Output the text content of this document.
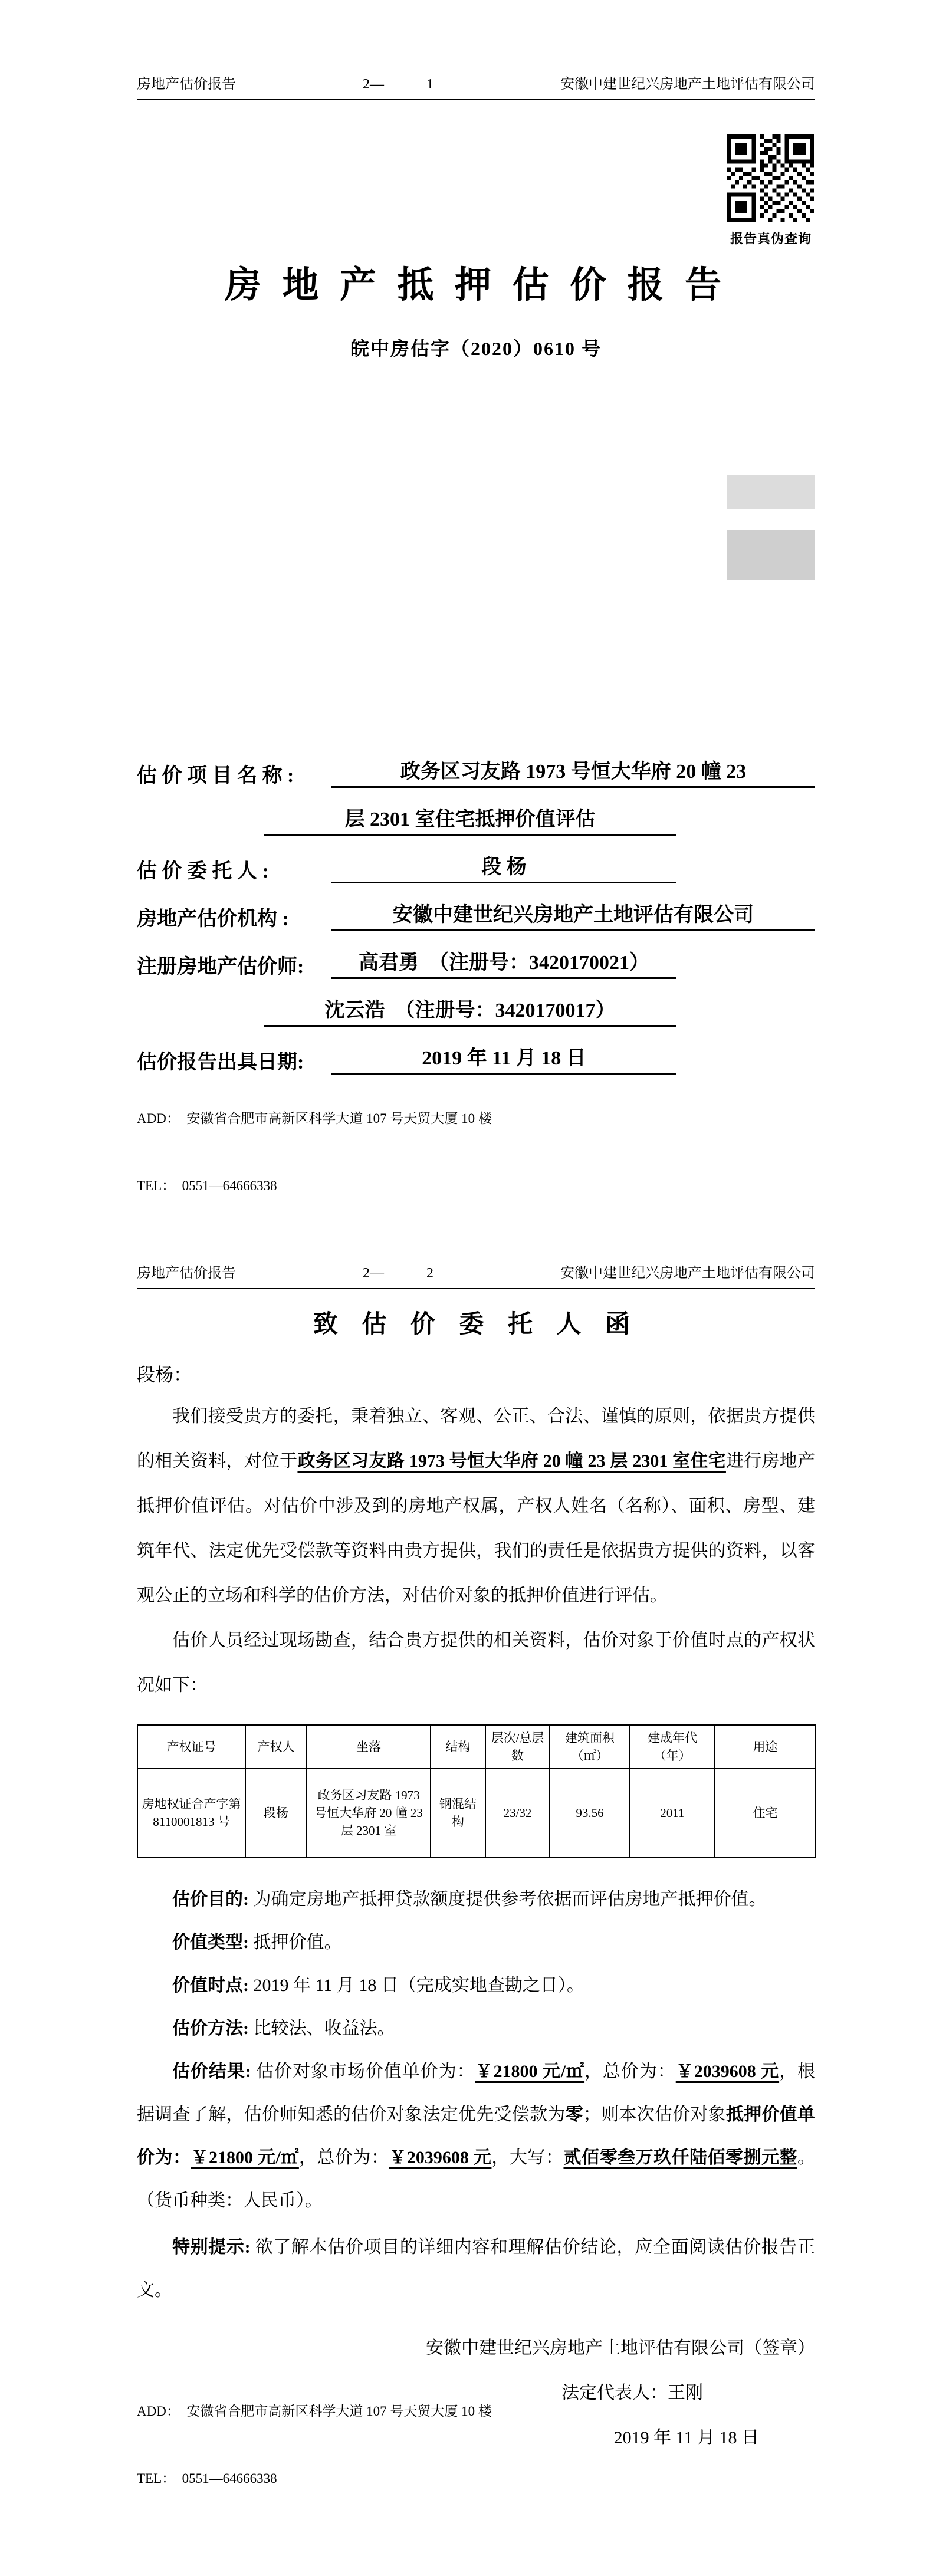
房地产估价报告	2—            1	安徽中建世纪兴房地产土地评估有限公司
报告真伪查询
房 地 产 抵 押 估 价 报 告
皖中房估字（2020）0610 号
估 价 项 目 名 称 :	政务区习友路 1973 号恒大华府 20 幢 23
层 2301 室住宅抵押价值评估
估 价 委 托 人 :	段 杨
房地产估价机构 :	安徽中建世纪兴房地产土地评估有限公司
注册房地产估价师:	高君勇　（注册号：3420170021）
沈云浩　（注册号：3420170017）
估价报告出具日期:	2019 年 11 月 18 日

ADD：  安徽省合肥市高新区科学大道 107 号天贸大厦 10 楼

TEL：  0551—64666338

房地产估价报告	2—            2	安徽中建世纪兴房地产土地评估有限公司
致 估 价 委 托 人 函
段杨：

我们接受贵方的委托，秉着独立、客观、公正、合法、谨慎的原则，依据贵方提供的相关资料，对位于政务区习友路 1973 号恒大华府 20 幢 23 层 2301 室住宅进行房地产抵押价值评估。对估价中涉及到的房地产权属，产权人姓名（名称）、面积、房型、建筑年代、法定优先受偿款等资料由贵方提供，我们的责任是依据贵方提供的资料，以客观公正的立场和科学的估价方法，对估价对象的抵押价值进行评估。

估价人员经过现场勘查，结合贵方提供的相关资料，估价对象于价值时点的产权状况如下：

产权证号	产权人	坐落	结构	层次/总层数	建筑面积（㎡）	建成年代（年）	用途
房地权证合产字第 8110001813 号	段杨	政务区习友路 1973 号恒大华府 20 幢 23 层 2301 室	钢混结构	23/32	93.56	2011	住宅

估价目的: 为确定房地产抵押贷款额度提供参考依据而评估房地产抵押价值。

价值类型: 抵押价值。

价值时点: 2019 年 11 月 18 日（完成实地查勘之日）。

估价方法: 比较法、收益法。

估价结果: 估价对象市场价值单价为：￥21800 元/㎡，总价为：￥2039608 元，根据调查了解，估价师知悉的估价对象法定优先受偿款为零；则本次估价对象抵押价值单价为：￥21800 元/㎡，总价为：￥2039608 元，大写：贰佰零叁万玖仟陆佰零捌元整。（货币种类：人民币）。

特别提示: 欲了解本估价项目的详细内容和理解估价结论，应全面阅读估价报告正文。

安徽中建世纪兴房地产土地评估有限公司（签章）
法定代表人：王刚
2019 年 11 月 18 日

ADD：  安徽省合肥市高新区科学大道 107 号天贸大厦 10 楼

TEL：  0551—64666338
